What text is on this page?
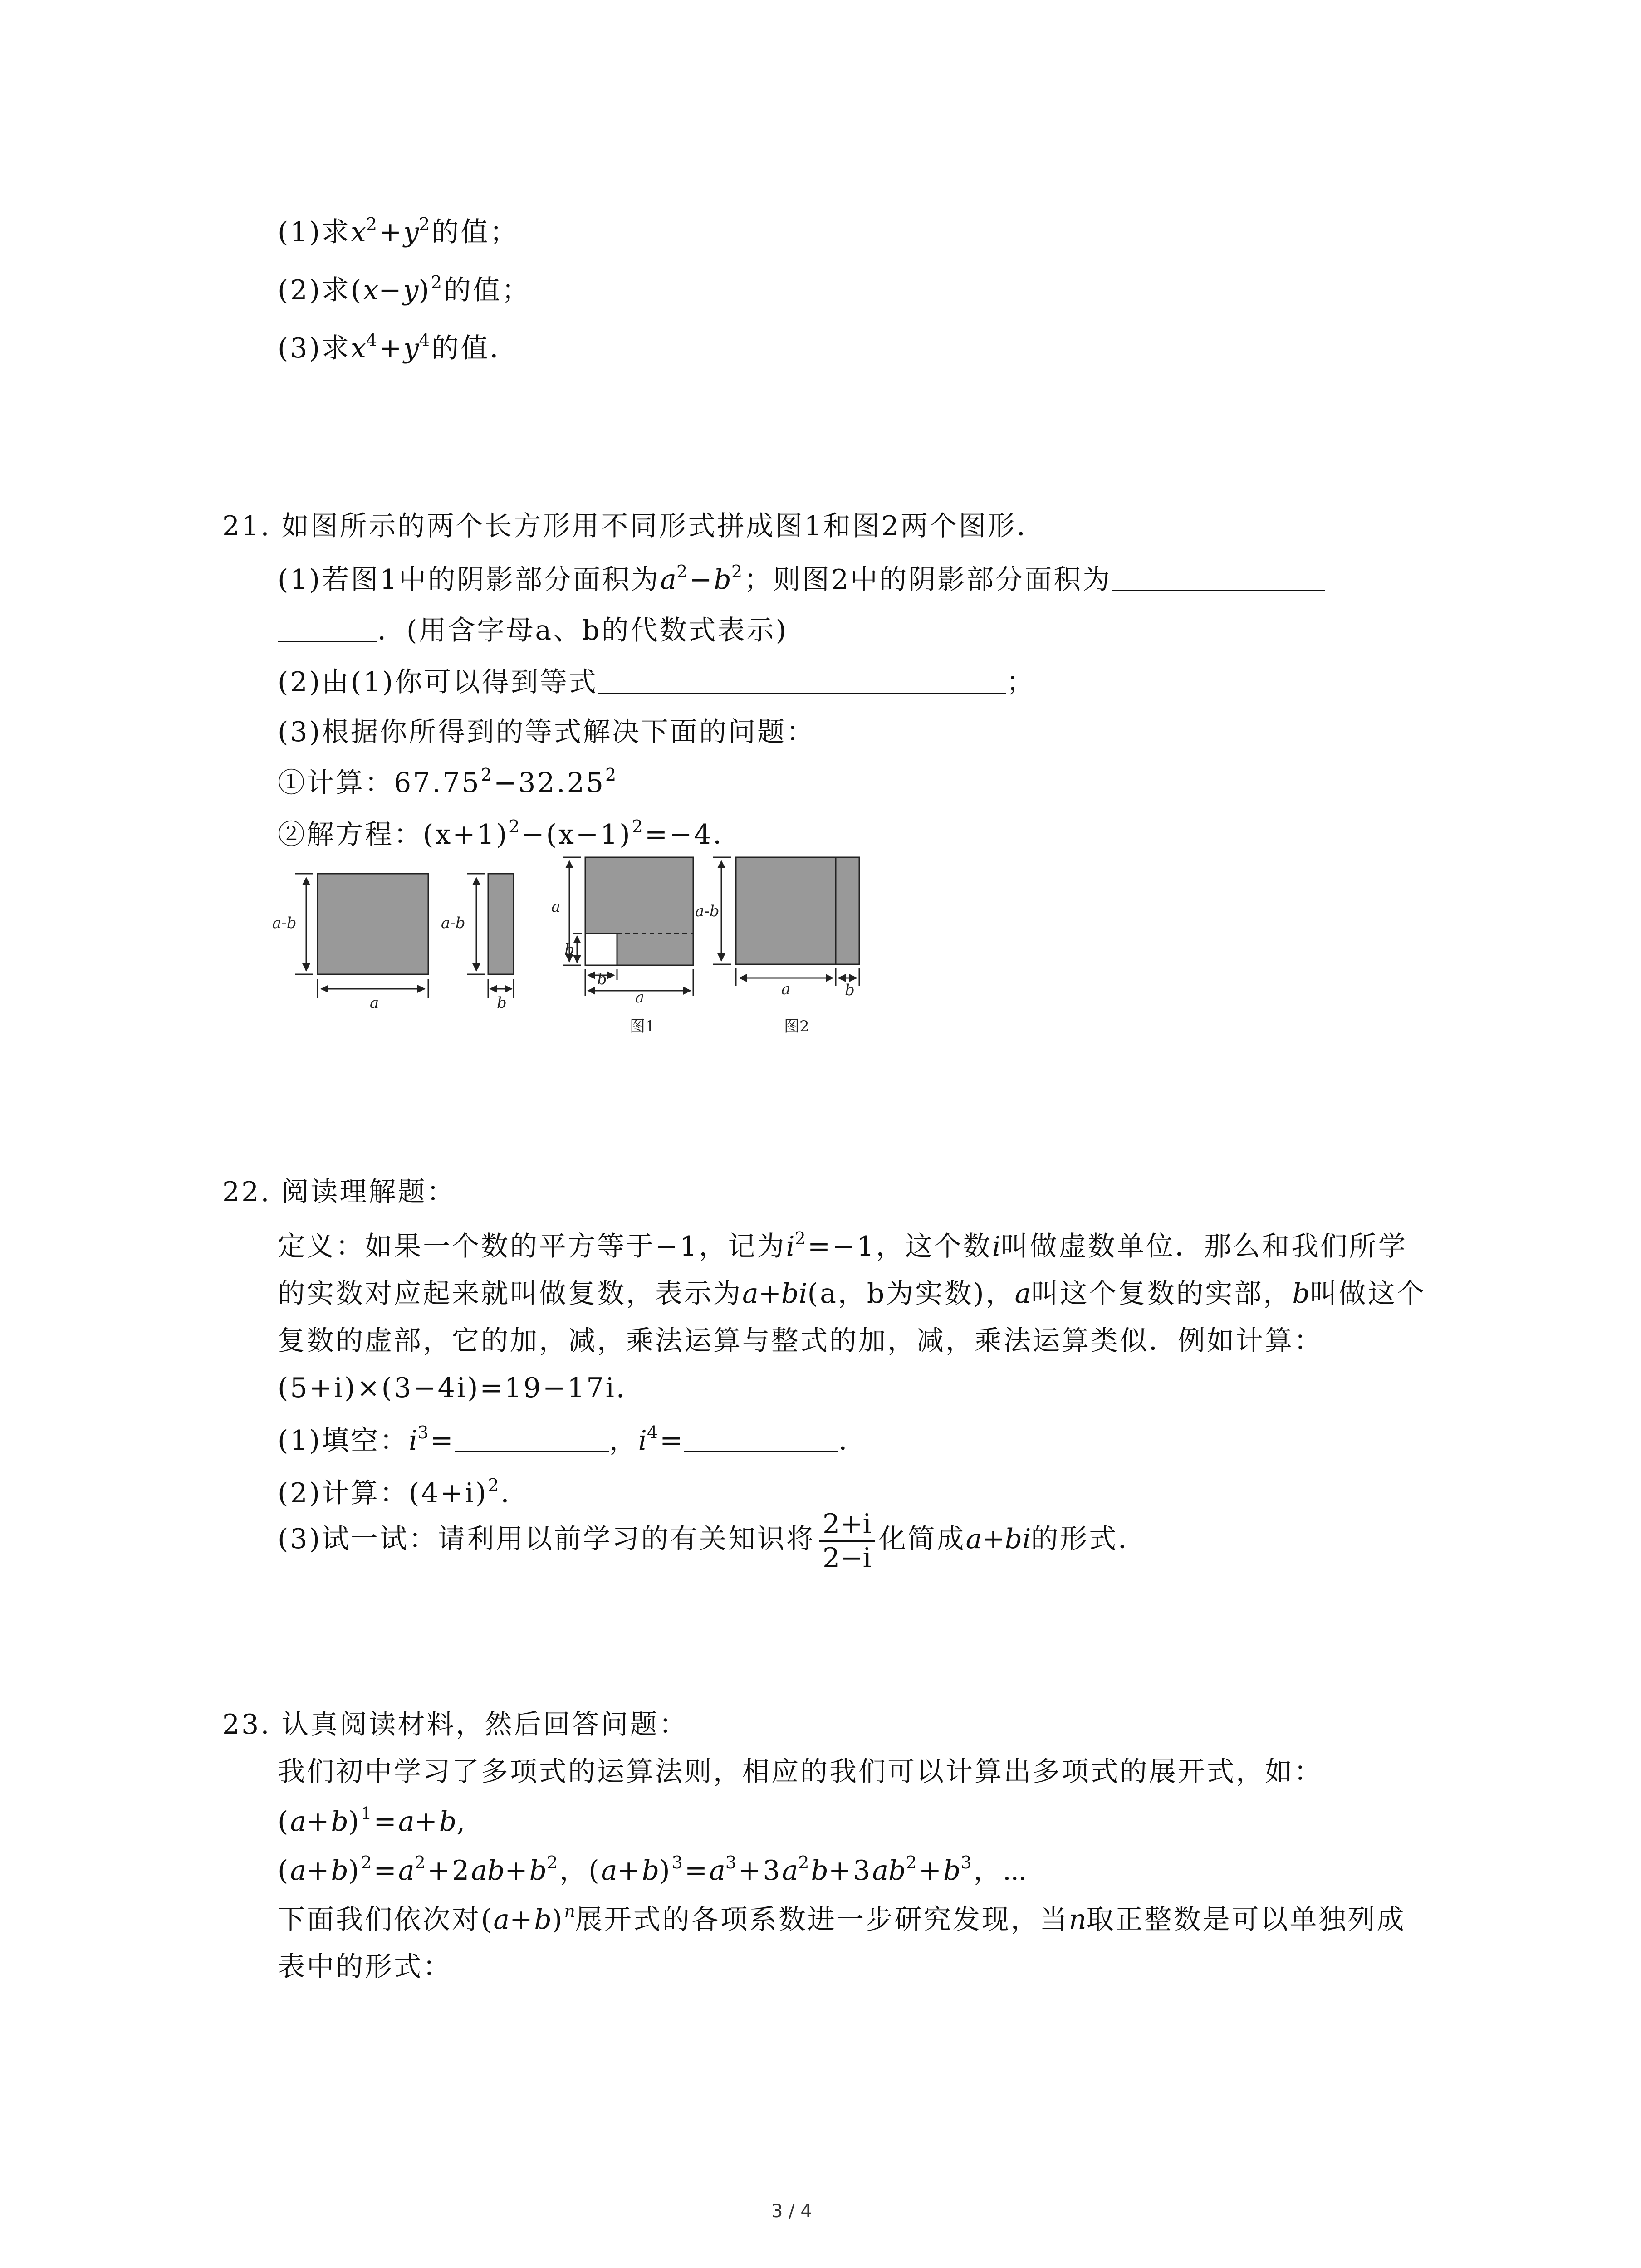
(1)求$x^2+y^2$的值；
(2)求$(x-y)^2$的值；
(3)求$x^4+y^4$的值．
21. 如图所示的两个长方形用不同形式拼成图1和图2两个图形．
(1)若图1中的阴影部分面积为$a^2-b^2$；则图2中的阴影部分面积为
．(用含字母a、b的代数式表示)
(2)由(1)你可以得到等式	；
(3)根据你所得到的等式解决下面的问题：
①计算：$67.75^2-32.25^2$
②解方程：$(x+1)^2-(x-1)^2=-4$．
a-b
a
a-b
b
a
b
b
a
a-b
a	b
图1	图2
22. 阅读理解题：
定义：如果一个数的平方等于−1，记为$i^2=-1$，这个数i叫做虚数单位．那么和我们所学
的实数对应起来就叫做复数，表示为a+bi(a，b为实数)，a叫这个复数的实部，b叫做这个
复数的虚部，它的加，减，乘法运算与整式的加，减，乘法运算类似．例如计算：
(5+i)×(3−4i)=19−17i.
(1)填空：$i^3=$	，$i^4=$	．
(2)计算：$(4+i)^2$．
(3)试一试：请利用以前学习的有关知识将 $\frac{2+i}{2-i}$ 化简成a+bi的形式．
23. 认真阅读材料，然后回答问题：
我们初中学习了多项式的运算法则，相应的我们可以计算出多项式的展开式，如：
$(a+b)^1=a+b$,
$(a+b)^2=a^2+2ab+b^2$，$(a+b)^3=a^3+3a^2b+3ab^2+b^3$，⋯
下面我们依次对$(a+b)^n$展开式的各项系数进一步研究发现，当n取正整数是可以单独列成
表中的形式：
3 / 4
